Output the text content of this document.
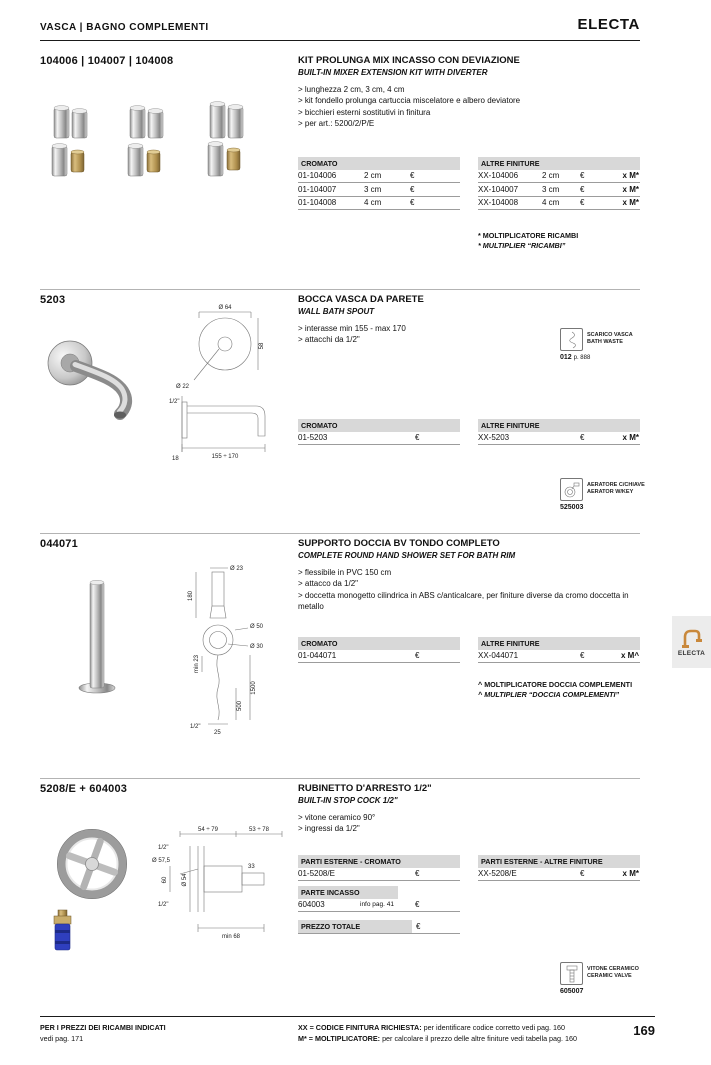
VASCA | BAGNO COMPLEMENTI	ELECTA
104006 | 104007 | 104008	KIT PROLUNGA MIX INCASSO CON DEVIAZIONE
BUILT-IN MIXER EXTENSION KIT WITH DIVERTER
> lunghezza 2 cm, 3 cm, 4 cm
> kit fondello prolunga cartuccia miscelatore e albero deviatore
> bicchieri esterni sostitutivi in finitura
> per art.: 5200/2/P/E
CROMATO
01-104006	2 cm	€
01-104007	3 cm	€
01-104008	4 cm	€
ALTRE FINITURE
XX-104006	2 cm	€	x M*
XX-104007	3 cm	€	x M*
XX-104008	4 cm	€	x M*
* MOLTIPLICATORE RICAMBI
* MULTIPLIER “RICAMBI”
5203	BOCCA VASCA DA PARETE
WALL BATH SPOUT
> interasse min 155 - max 170
> attacchi da 1/2"
Ø 64
58
Ø 22
1/2"
18	155 ÷ 170
SCARICO VASCA
BATH WASTE
012 p. 888
CROMATO
01-5203	€
ALTRE FINITURE
XX-5203	€	x M*
AERATORE C/CHIAVE
AERATOR W/KEY
525003
044071	SUPPORTO DOCCIA BV TONDO COMPLETO
COMPLETE ROUND HAND SHOWER SET FOR BATH RIM
> flessibile in PVC 150 cm
> attacco da 1/2"
> doccetta monogetto cilindrica in ABS c/anticalcare, per finiture diverse da cromo doccetta in metallo
Ø 23
180
Ø 50
Ø 30
min 23
1500
500
1/2"
25
CROMATO
01-044071	€
ALTRE FINITURE
XX-044071	€	x M^
^ MOLTIPLICATORE DOCCIA COMPLEMENTI
^ MULTIPLIER “DOCCIA COMPLEMENTI”
ELECTA
5208/E + 604003	RUBINETTO D'ARRESTO 1/2"
BUILT-IN STOP COCK 1/2"
> vitone ceramico 90°
> ingressi da 1/2"
54 ÷ 79	53 ÷ 78
1/2"
Ø 57,5
Ø 54
60
33
1/2"
min 68
PARTI ESTERNE - CROMATO
01-5208/E	€
PARTE INCASSO
604003	info pag. 41	€
PREZZO TOTALE	€
PARTI ESTERNE - ALTRE FINITURE
XX-5208/E	€	x M*
VITONE CERAMICO
CERAMIC VALVE
605007
PER I PREZZI DEI RICAMBI INDICATI
vedi pag. 171
XX = CODICE FINITURA RICHIESTA: per identificare codice corretto vedi pag. 160
M* = MOLTIPLICATORE: per calcolare il prezzo delle altre finiture vedi tabella pag. 160
169
